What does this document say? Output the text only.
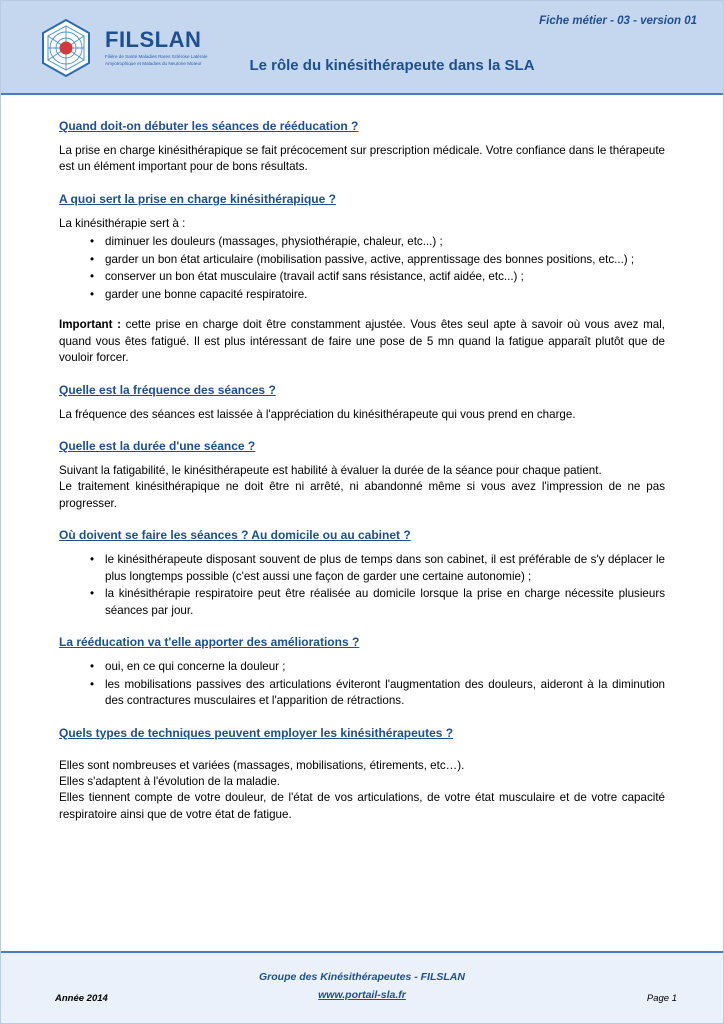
FILSLAN
Filière de Santé Maladies Rares Sclérose Latérale Amyotrophique et Maladies du Neurone Moteur
Fiche métier - 03 - version 01
Le rôle du kinésithérapeute dans la SLA
Quand doit-on débuter les séances de rééducation ?

La prise en charge kinésithérapique se fait précocement sur prescription médicale. Votre confiance dans le thérapeute est un élément important pour de bons résultats.

A quoi sert la prise en charge kinésithérapique ?

La kinésithérapie sert à :

• diminuer les douleurs (massages, physiothérapie, chaleur, etc...) ;
• garder un bon état articulaire (mobilisation passive, active, apprentissage des bonnes positions, etc...) ;
• conserver un bon état musculaire (travail actif sans résistance, actif aidée, etc...) ;
• garder une bonne capacité respiratoire.

Important : cette prise en charge doit être constamment ajustée. Vous êtes seul apte à savoir où vous avez mal, quand vous êtes fatigué. Il est plus intéressant de faire une pose de 5 mn quand la fatigue apparaît plutôt que de vouloir forcer.

Quelle est la fréquence des séances ?

La fréquence des séances est laissée à l'appréciation du kinésithérapeute qui vous prend en charge.

Quelle est la durée d'une séance ?

Suivant la fatigabilité, le kinésithérapeute est habilité à évaluer la durée de la séance pour chaque patient.

Le traitement kinésithérapique ne doit être ni arrêté, ni abandonné même si vous avez l'impression de ne pas progresser.

Où doivent se faire les séances ? Au domicile ou au cabinet ?
• le kinésithérapeute disposant souvent de plus de temps dans son cabinet, il est préférable de s'y déplacer le plus longtemps possible (c'est aussi une façon de garder une certaine autonomie) ;
• la kinésithérapie respiratoire peut être réalisée au domicile lorsque la prise en charge nécessite plusieurs séances par jour.
La rééducation va t'elle apporter des améliorations ?
• oui, en ce qui concerne la douleur ;
• les mobilisations passives des articulations éviteront l'augmentation des douleurs, aideront à la diminution des contractures musculaires et l'apparition de rétractions.
Quels types de techniques peuvent employer les kinésithérapeutes ?

Elles sont nombreuses et variées (massages, mobilisations, étirements, etc…).

Elles s'adaptent à l'évolution de la maladie.

Elles tiennent compte de votre douleur, de l'état de vos articulations, de votre état musculaire et de votre capacité respiratoire ainsi que de votre état de fatigue.

Groupe des Kinésithérapeutes - FILSLAN
www.portail-sla.fr
Année 2014	Page 1
